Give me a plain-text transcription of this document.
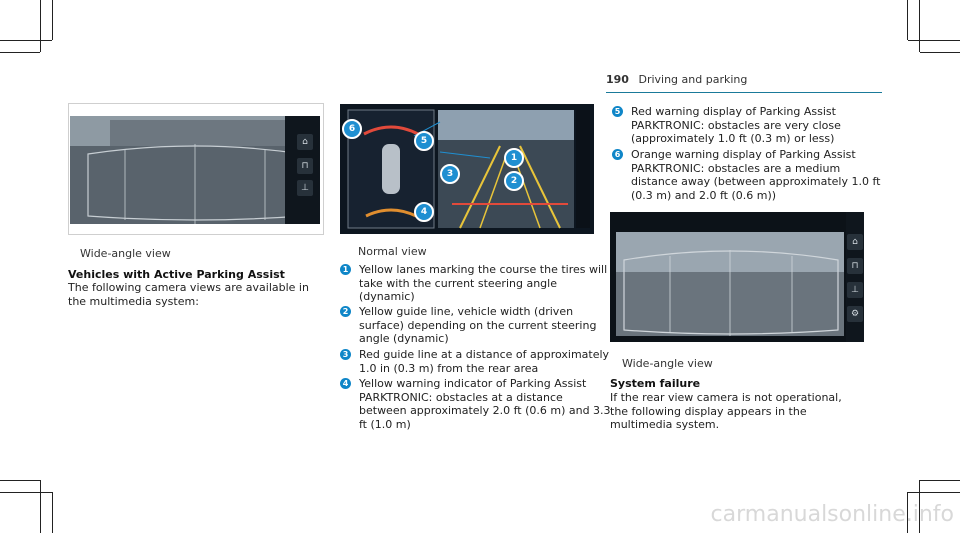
190 Driving and parking
⌂
⊓
⊥
Wide-angle view
Vehicles with Active Parking Assist
The following camera views are available in the multimedia system:
6
5
1
3
2
4
Normal view
1 Yellow lanes marking the course the tires will take with the current steering angle (dynamic)
2 Yellow guide line, vehicle width (driven surface) depending on the current steering angle (dynamic)
3 Red guide line at a distance of approximately 1.0 in (0.3 m) from the rear area
4 Yellow warning indicator of Parking Assist PARKTRONIC: obstacles at a distance between approximately 2.0 ft (0.6 m) and 3.3 ft (1.0 m)
5 Red warning display of Parking Assist PARKTRONIC: obstacles are very close (approximately 1.0 ft (0.3 m) or less)
6 Orange warning display of Parking Assist PARKTRONIC: obstacles are a medium distance away (between approximately 1.0 ft (0.3 m) and 2.0 ft (0.6 m))
⌂
⊓
⊥
⚙
Wide-angle view
System failure
If the rear view camera is not operational, the following display appears in the multimedia system.
carmanualsonline.info
